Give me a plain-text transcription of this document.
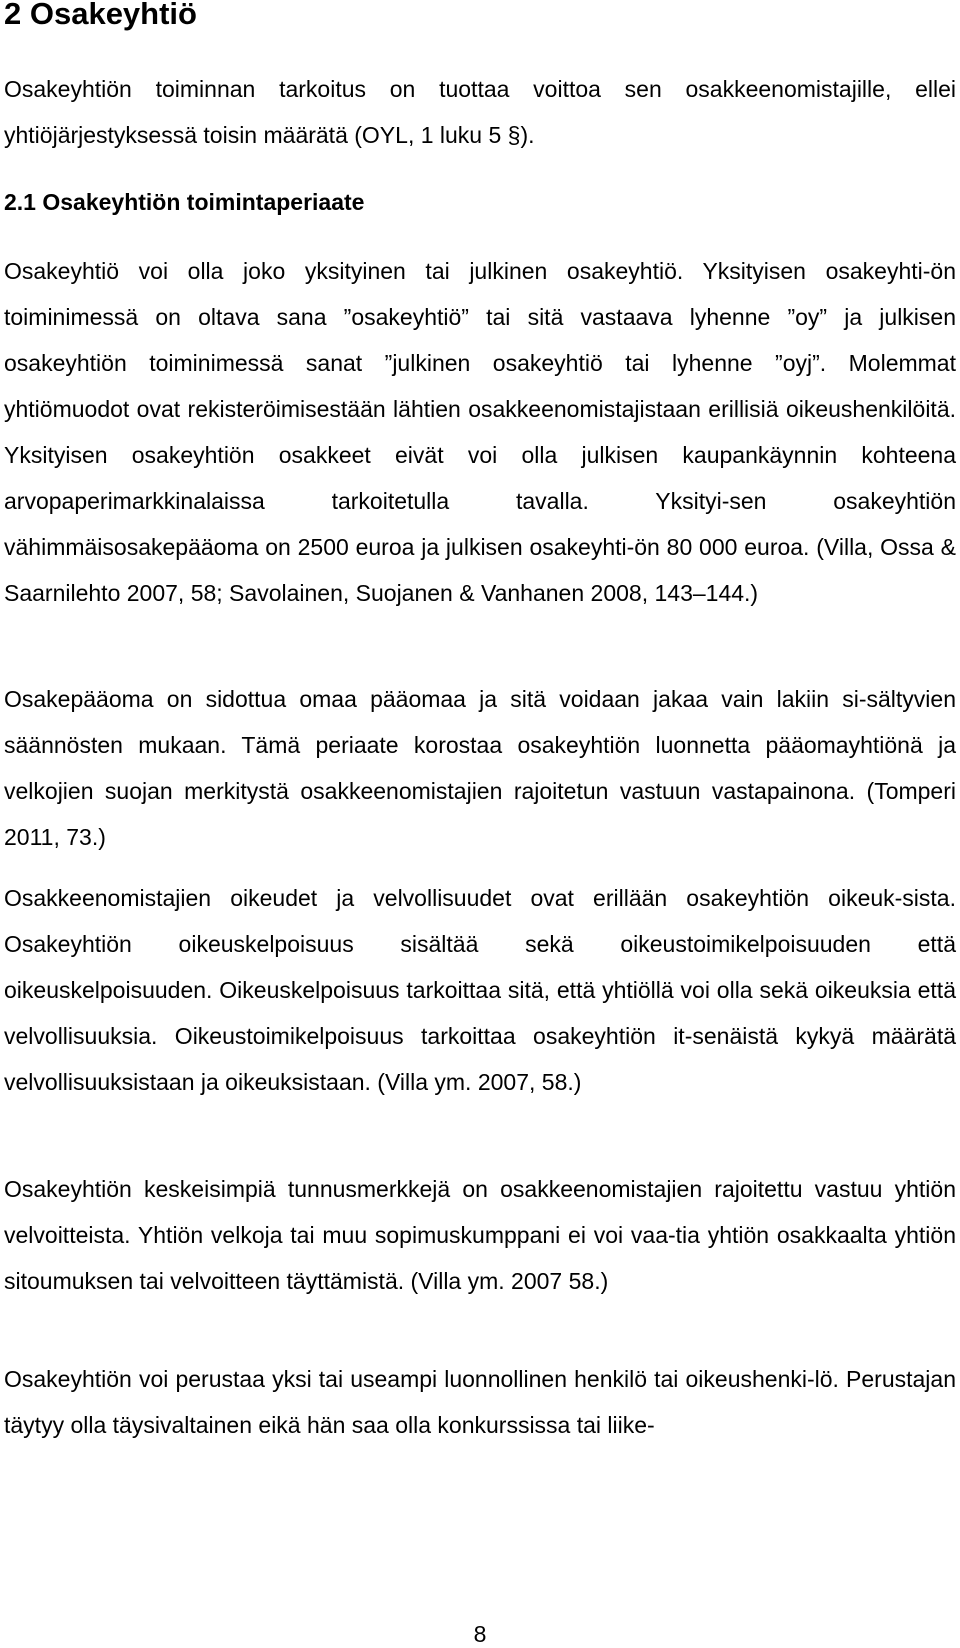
2 Osakeyhtiö

Osakeyhtiön toiminnan tarkoitus on tuottaa voittoa sen osakkeenomistajille, ellei yhtiöjärjestyksessä toisin määrätä (OYL, 1 luku 5 §).

2.1 Osakeyhtiön toimintaperiaate

Osakeyhtiö voi olla joko yksityinen tai julkinen osakeyhtiö. Yksityisen osakeyhti-ön toiminimessä on oltava sana ”osakeyhtiö” tai sitä vastaava lyhenne ”oy” ja julkisen osakeyhtiön toiminimessä sanat ”julkinen osakeyhtiö tai lyhenne ”oyj”. Molemmat yhtiömuodot ovat rekisteröimisestään lähtien osakkeenomistajistaan erillisiä oikeushenkilöitä. Yksityisen osakeyhtiön osakkeet eivät voi olla julkisen kaupankäynnin kohteena arvopaperimarkkinalaissa tarkoitetulla tavalla. Yksityi-sen osakeyhtiön vähimmäisosakepääoma on 2500 euroa ja julkisen osakeyhti-ön 80 000 euroa. (Villa, Ossa & Saarnilehto 2007, 58; Savolainen, Suojanen & Vanhanen 2008, 143–144.)

Osakepääoma on sidottua omaa pääomaa ja sitä voidaan jakaa vain lakiin si-sältyvien säännösten mukaan. Tämä periaate korostaa osakeyhtiön luonnetta pääomayhtiönä ja velkojien suojan merkitystä osakkeenomistajien rajoitetun vastuun vastapainona. (Tomperi 2011, 73.)

Osakkeenomistajien oikeudet ja velvollisuudet ovat erillään osakeyhtiön oikeuk-sista. Osakeyhtiön oikeuskelpoisuus sisältää sekä oikeustoimikelpoisuuden että oikeuskelpoisuuden. Oikeuskelpoisuus tarkoittaa sitä, että yhtiöllä voi olla sekä oikeuksia että velvollisuuksia. Oikeustoimikelpoisuus tarkoittaa osakeyhtiön it-senäistä kykyä määrätä velvollisuuksistaan ja oikeuksistaan. (Villa ym. 2007, 58.)

Osakeyhtiön keskeisimpiä tunnusmerkkejä on osakkeenomistajien rajoitettu vastuu yhtiön velvoitteista. Yhtiön velkoja tai muu sopimuskumppani ei voi vaa-tia yhtiön osakkaalta yhtiön sitoumuksen tai velvoitteen täyttämistä. (Villa ym. 2007 58.)

Osakeyhtiön voi perustaa yksi tai useampi luonnollinen henkilö tai oikeushenki-lö. Perustajan täytyy olla täysivaltainen eikä hän saa olla konkurssissa tai liike-

8
